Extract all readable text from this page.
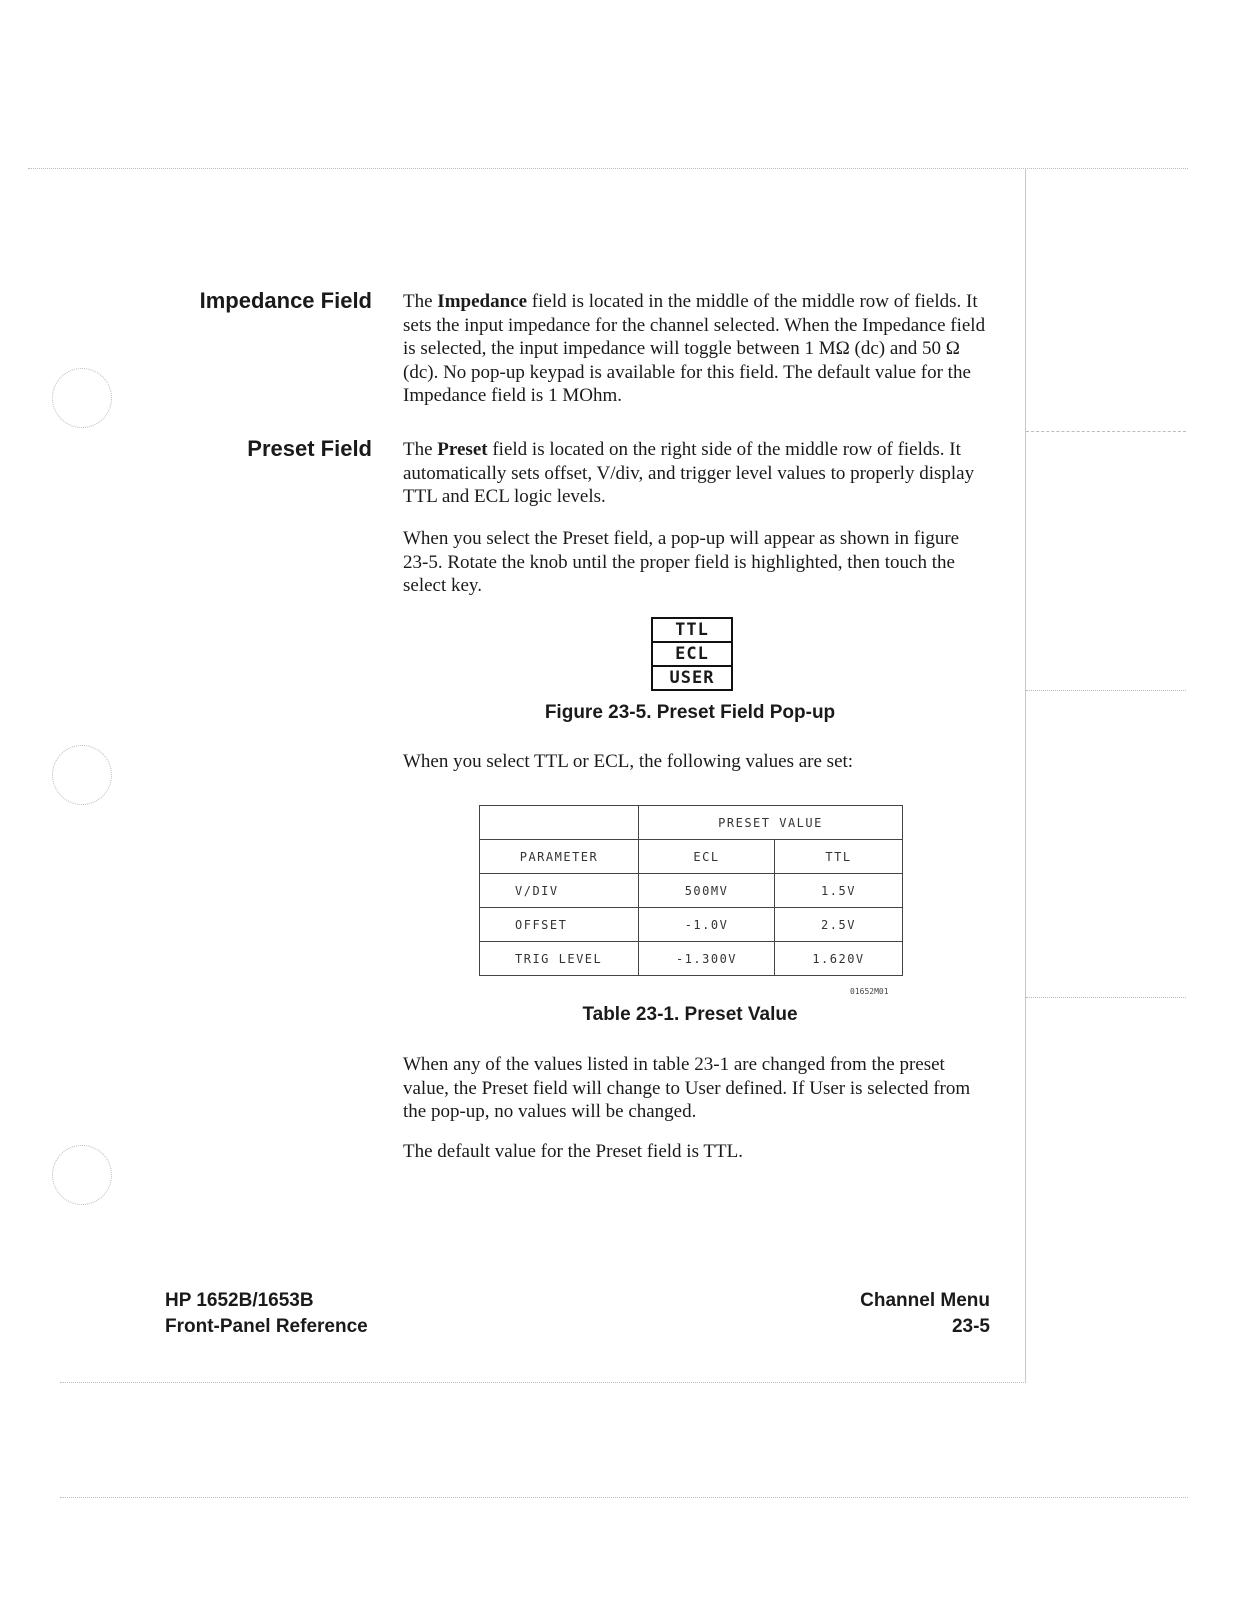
Impedance Field The Impedance field is located in the middle of the middle row of fields. It sets the input impedance for the channel selected. When the Impedance field is selected, the input impedance will toggle between 1 MΩ (dc) and 50 Ω (dc). No pop-up keypad is available for this field. The default value for the Impedance field is 1 MOhm.

Preset Field The Preset field is located on the right side of the middle row of fields. It automatically sets offset, V/div, and trigger level values to properly display TTL and ECL logic levels.

When you select the Preset field, a pop-up will appear as shown in figure 23-5. Rotate the knob until the proper field is highlighted, then touch the select key.

TTL
ECL
USER
Figure 23-5. Preset Field Pop-up

When you select TTL or ECL, the following values are set:

	PRESET VALUE	
PARAMETER	ECL	TTL
V/DIV	500MV	1.5V
OFFSET	-1.0V	2.5V
TRIG LEVEL	-1.300V	1.620V
01652M01
Table 23-1. Preset Value

When any of the values listed in table 23-1 are changed from the preset value, the Preset field will change to User defined. If User is selected from the pop-up, no values will be changed.

The default value for the Preset field is TTL.

HP 1652B/1653B
Front-Panel Reference
Channel Menu
23-5
